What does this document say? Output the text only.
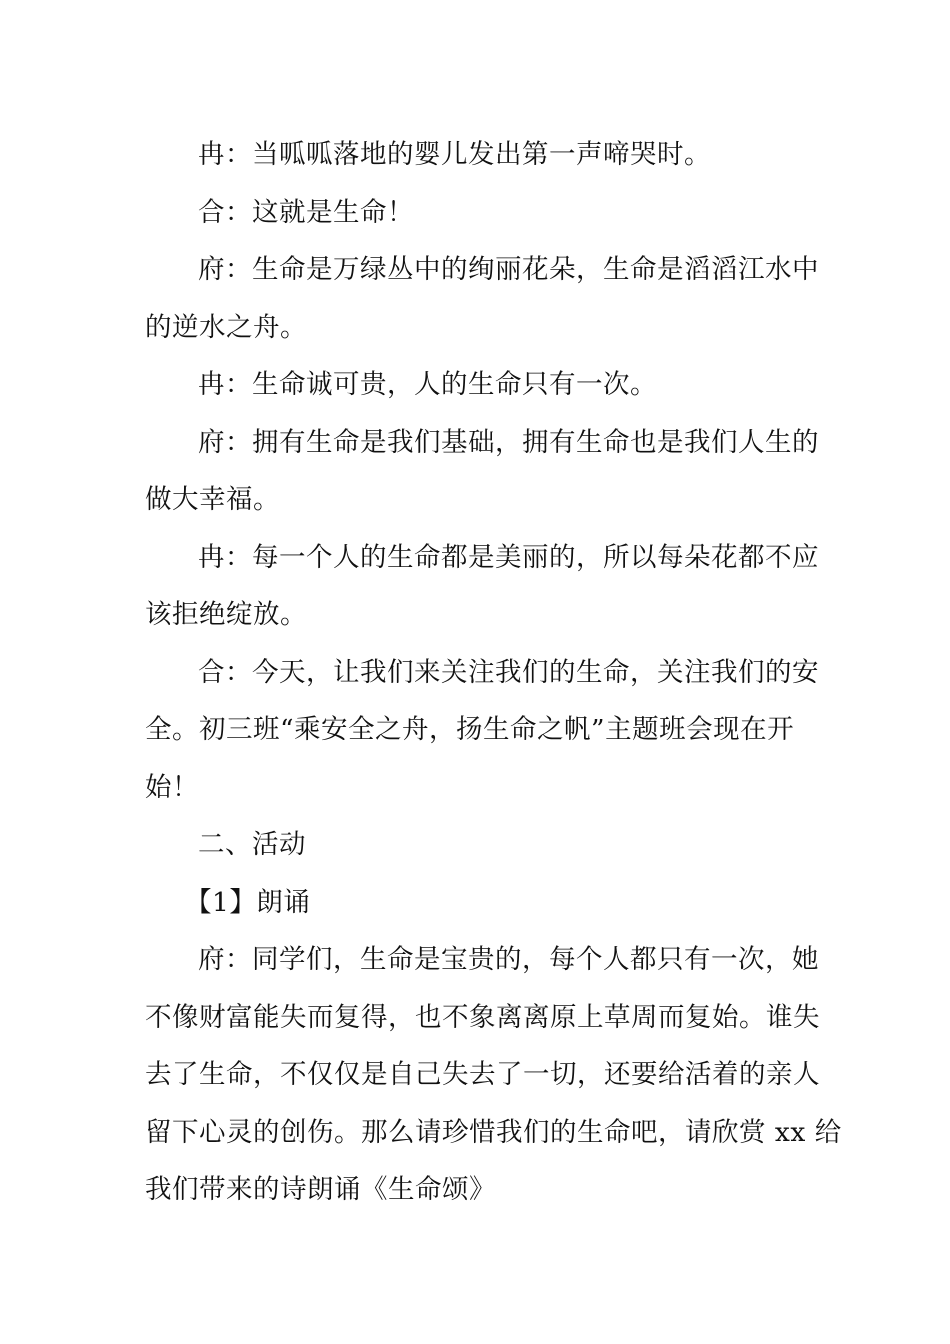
冉：当呱呱落地的婴儿发出第一声啼哭时。
合：这就是生命！
府：生命是万绿丛中的绚丽花朵，生命是滔滔江水中
的逆水之舟。
冉：生命诚可贵，人的生命只有一次。
府：拥有生命是我们基础，拥有生命也是我们人生的
做大幸福。
冉：每一个人的生命都是美丽的，所以每朵花都不应
该拒绝绽放。
合：今天，让我们来关注我们的生命，关注我们的安
全。初三班“乘安全之舟，扬生命之帆”主题班会现在开
始！
二、活动
【1】朗诵
府：同学们，生命是宝贵的，每个人都只有一次，她
不像财富能失而复得，也不象离离原上草周而复始。谁失
去了生命，不仅仅是自己失去了一切，还要给活着的亲人
留下心灵的创伤。那么请珍惜我们的生命吧，请欣赏 xx 给
我们带来的诗朗诵《生命颂》
